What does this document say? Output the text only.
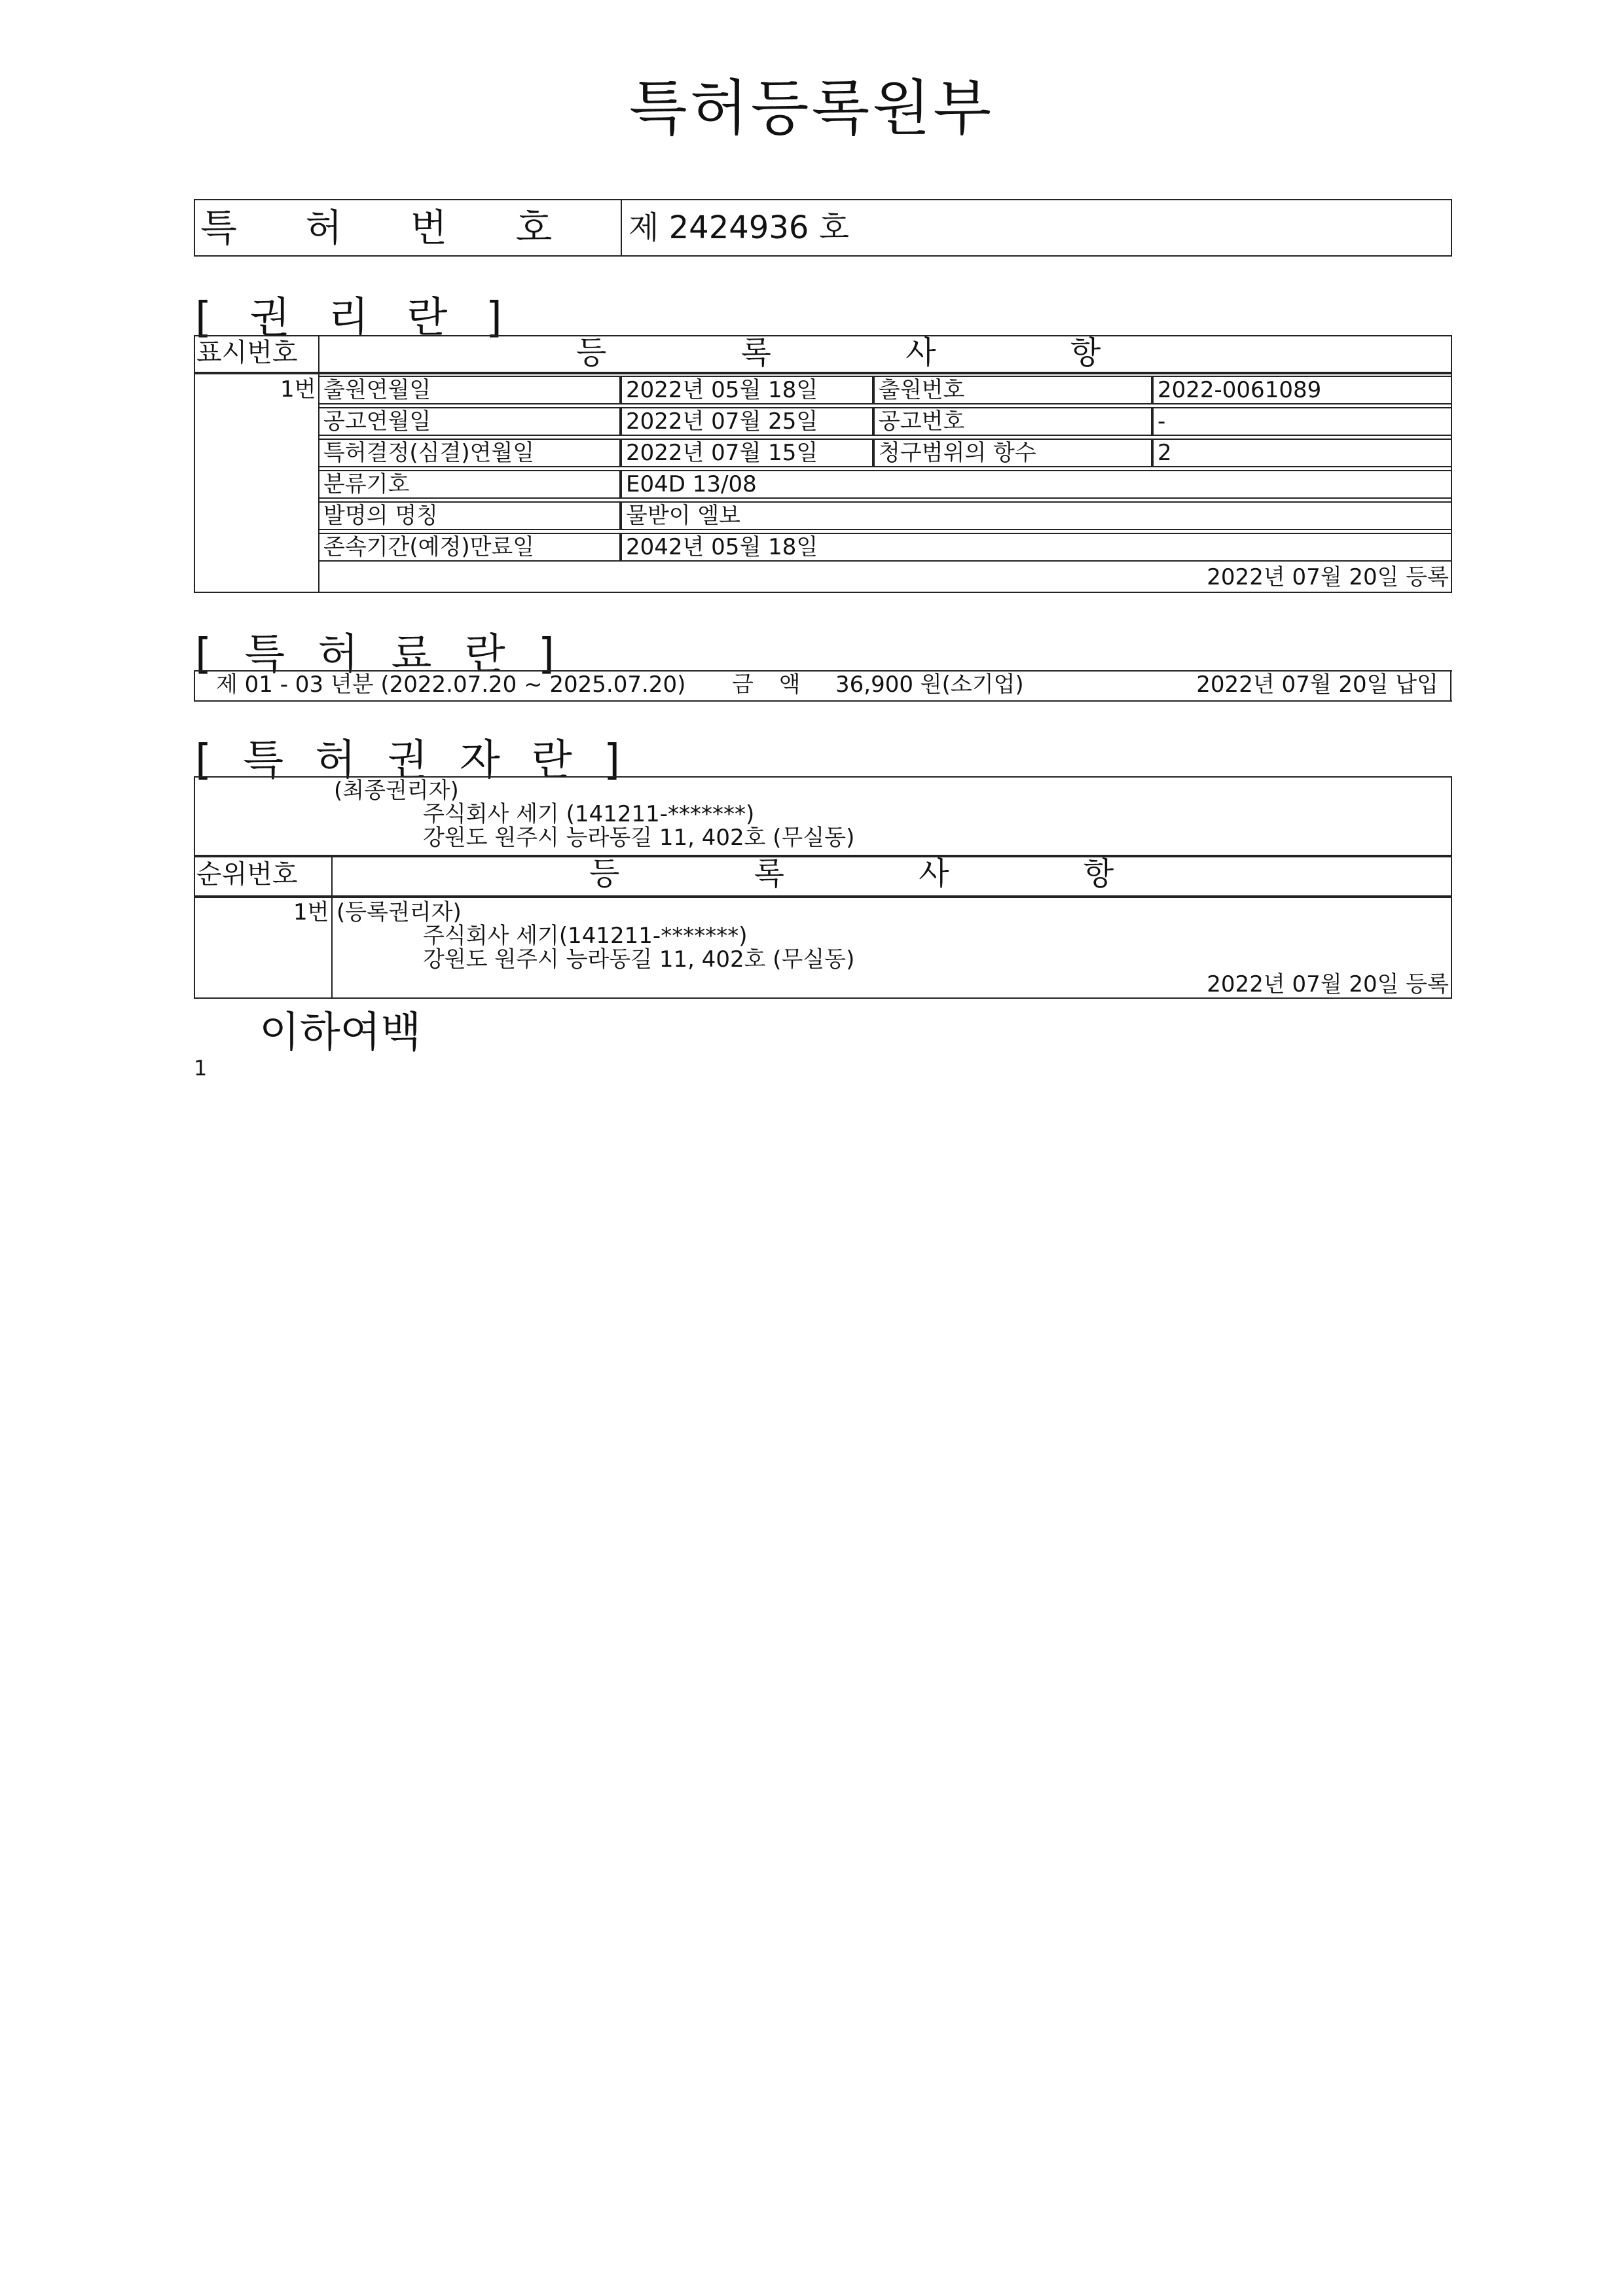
특허등록원부
특 허 번 호	제 2424936 호
[ 권 리 란 ]
표시번호	등 록 사 항
1번 출원연월일	2022년 05월 18일	출원번호	2022-0061089
공고연월일	2022년 07월 25일	공고번호	-
특허결정(심결)연월일	2022년 07월 15일	청구범위의 항수	2
분류기호	E04D 13/08
발명의 명칭	물받이 엘보
존속기간(예정)만료일	2042년 05월 18일
2022년 07월 20일 등록
[ 특 허 료 란 ]
제 01 - 03 년분 (2022.07.20 ~ 2025.07.20) 금 액 36,900 원(소기업)	2022년 07월 20일 납입
[ 특 허 권 자 란 ]
(최종권리자)
주식회사 세기 (141211-*******)
강원도 원주시 능라동길 11, 402호 (무실동)
순위번호	등 록 사 항
1번 (등록권리자)
주식회사 세기(141211-*******)
강원도 원주시 능라동길 11, 402호 (무실동)
2022년 07월 20일 등록
이하여백
1
